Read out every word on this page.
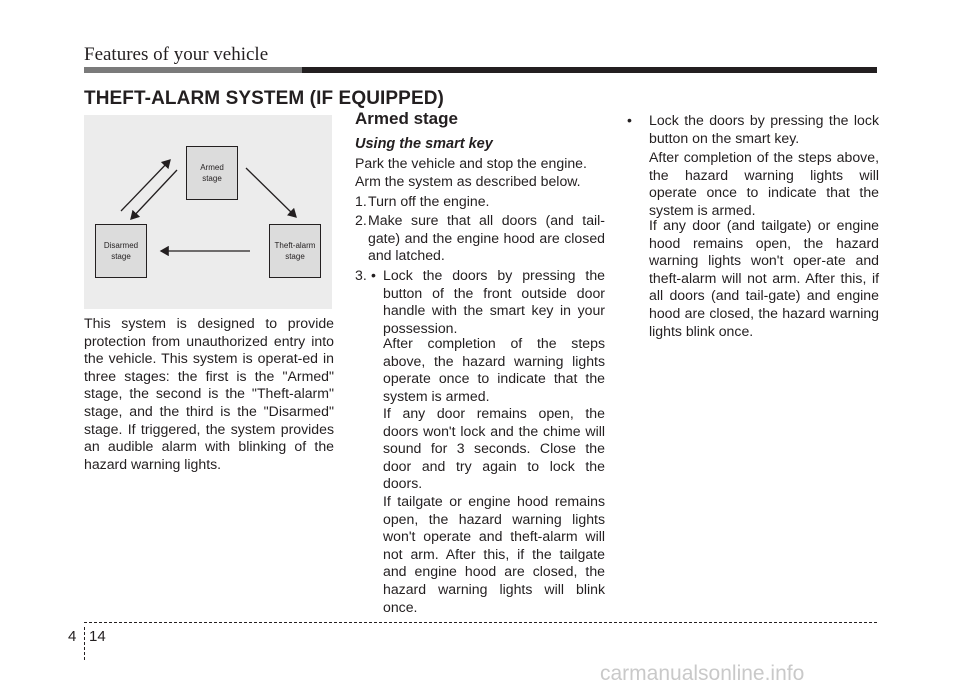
Features of your vehicle
THEFT-ALARM SYSTEM (IF EQUIPPED)
Armed
stage
Disarmed
stage
Theft-alarm
stage
This system is designed to provide protection from unauthorized entry into the vehicle. This system is operat-ed in three stages: the first is the "Armed" stage, the second is the "Theft-alarm" stage, and the third is the "Disarmed" stage. If triggered, the system provides an audible alarm with blinking of the hazard warning lights.
Armed stage
Using the smart key
Park the vehicle and stop the engine. Arm the system as described below.
1. Turn off the engine.
2. Make sure that all doors (and tail-gate) and the engine hood are closed and latched.
3. • Lock the doors by pressing the button of the front outside door handle with the smart key in your possession.
After completion of the steps above, the hazard warning lights operate once to indicate that the system is armed.
If any door remains open, the doors won't lock and the chime will sound for 3 seconds. Close the door and try again to lock the doors.
If tailgate or engine hood remains open, the hazard warning lights won't operate and theft-alarm will not arm. After this, if the tailgate and engine hood are closed, the hazard warning lights will blink once.
• Lock the doors by pressing the lock button on the smart key.
After completion of the steps above, the hazard warning lights will operate once to indicate that the system is armed.
If any door (and tailgate) or engine hood remains open, the hazard warning lights won't oper-ate and theft-alarm will not arm. After this, if all doors (and tail-gate) and engine hood are closed, the hazard warning lights blink once.
4 14
carmanualsonline.info
